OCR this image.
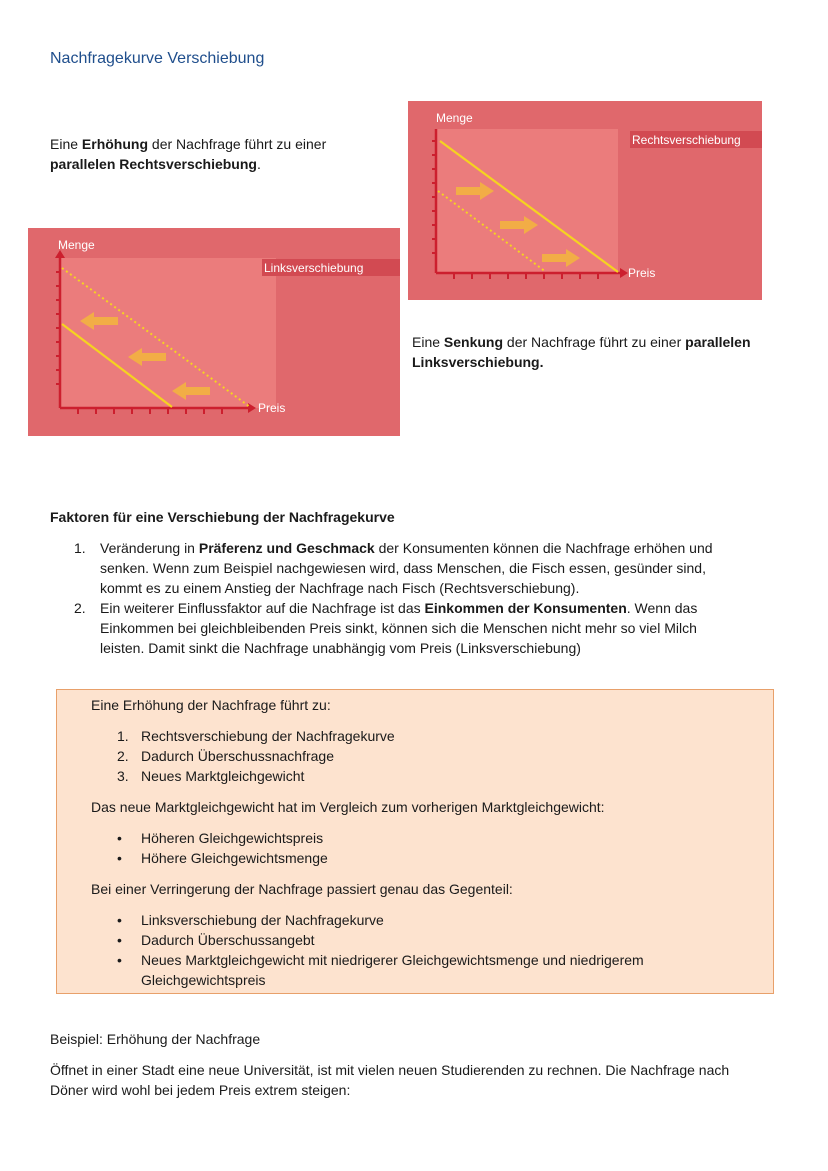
Nachfragekurve Verschiebung
Eine Erhöhung der Nachfrage führt zu einer
parallelen Rechtsverschiebung.
Rechtsverschiebung
Menge
Preis
Linksverschiebung
Menge
Preis
Eine Senkung der Nachfrage führt zu einer parallelen
Linksverschiebung.
Faktoren für eine Verschiebung der Nachfragekurve
1.	Veränderung in Präferenz und Geschmack der Konsumenten können die Nachfrage erhöhen und
senken. Wenn zum Beispiel nachgewiesen wird, dass Menschen, die Fisch essen, gesünder sind,
kommt es zu einem Anstieg der Nachfrage nach Fisch (Rechtsverschiebung).
2.	Ein weiterer Einflussfaktor auf die Nachfrage ist das Einkommen der Konsumenten. Wenn das
Einkommen bei gleichbleibenden Preis sinkt, können sich die Menschen nicht mehr so viel Milch
leisten. Damit sinkt die Nachfrage unabhängig vom Preis (Linksverschiebung)
Eine Erhöhung der Nachfrage führt zu:
1. Rechtsverschiebung der Nachfragekurve
2. Dadurch Überschussnachfrage
3. Neues Marktgleichgewicht
Das neue Marktgleichgewicht hat im Vergleich zum vorherigen Marktgleichgewicht:
•	Höheren Gleichgewichtspreis
•	Höhere Gleichgewichtsmenge
Bei einer Verringerung der Nachfrage passiert genau das Gegenteil:
•	Linksverschiebung der Nachfragekurve
•	Dadurch Überschussangebt
•	Neues Marktgleichgewicht mit niedrigerer Gleichgewichtsmenge und niedrigerem
Gleichgewichtspreis
Beispiel: Erhöhung der Nachfrage
Öffnet in einer Stadt eine neue Universität, ist mit vielen neuen Studierenden zu rechnen. Die Nachfrage nach
Döner wird wohl bei jedem Preis extrem steigen:
